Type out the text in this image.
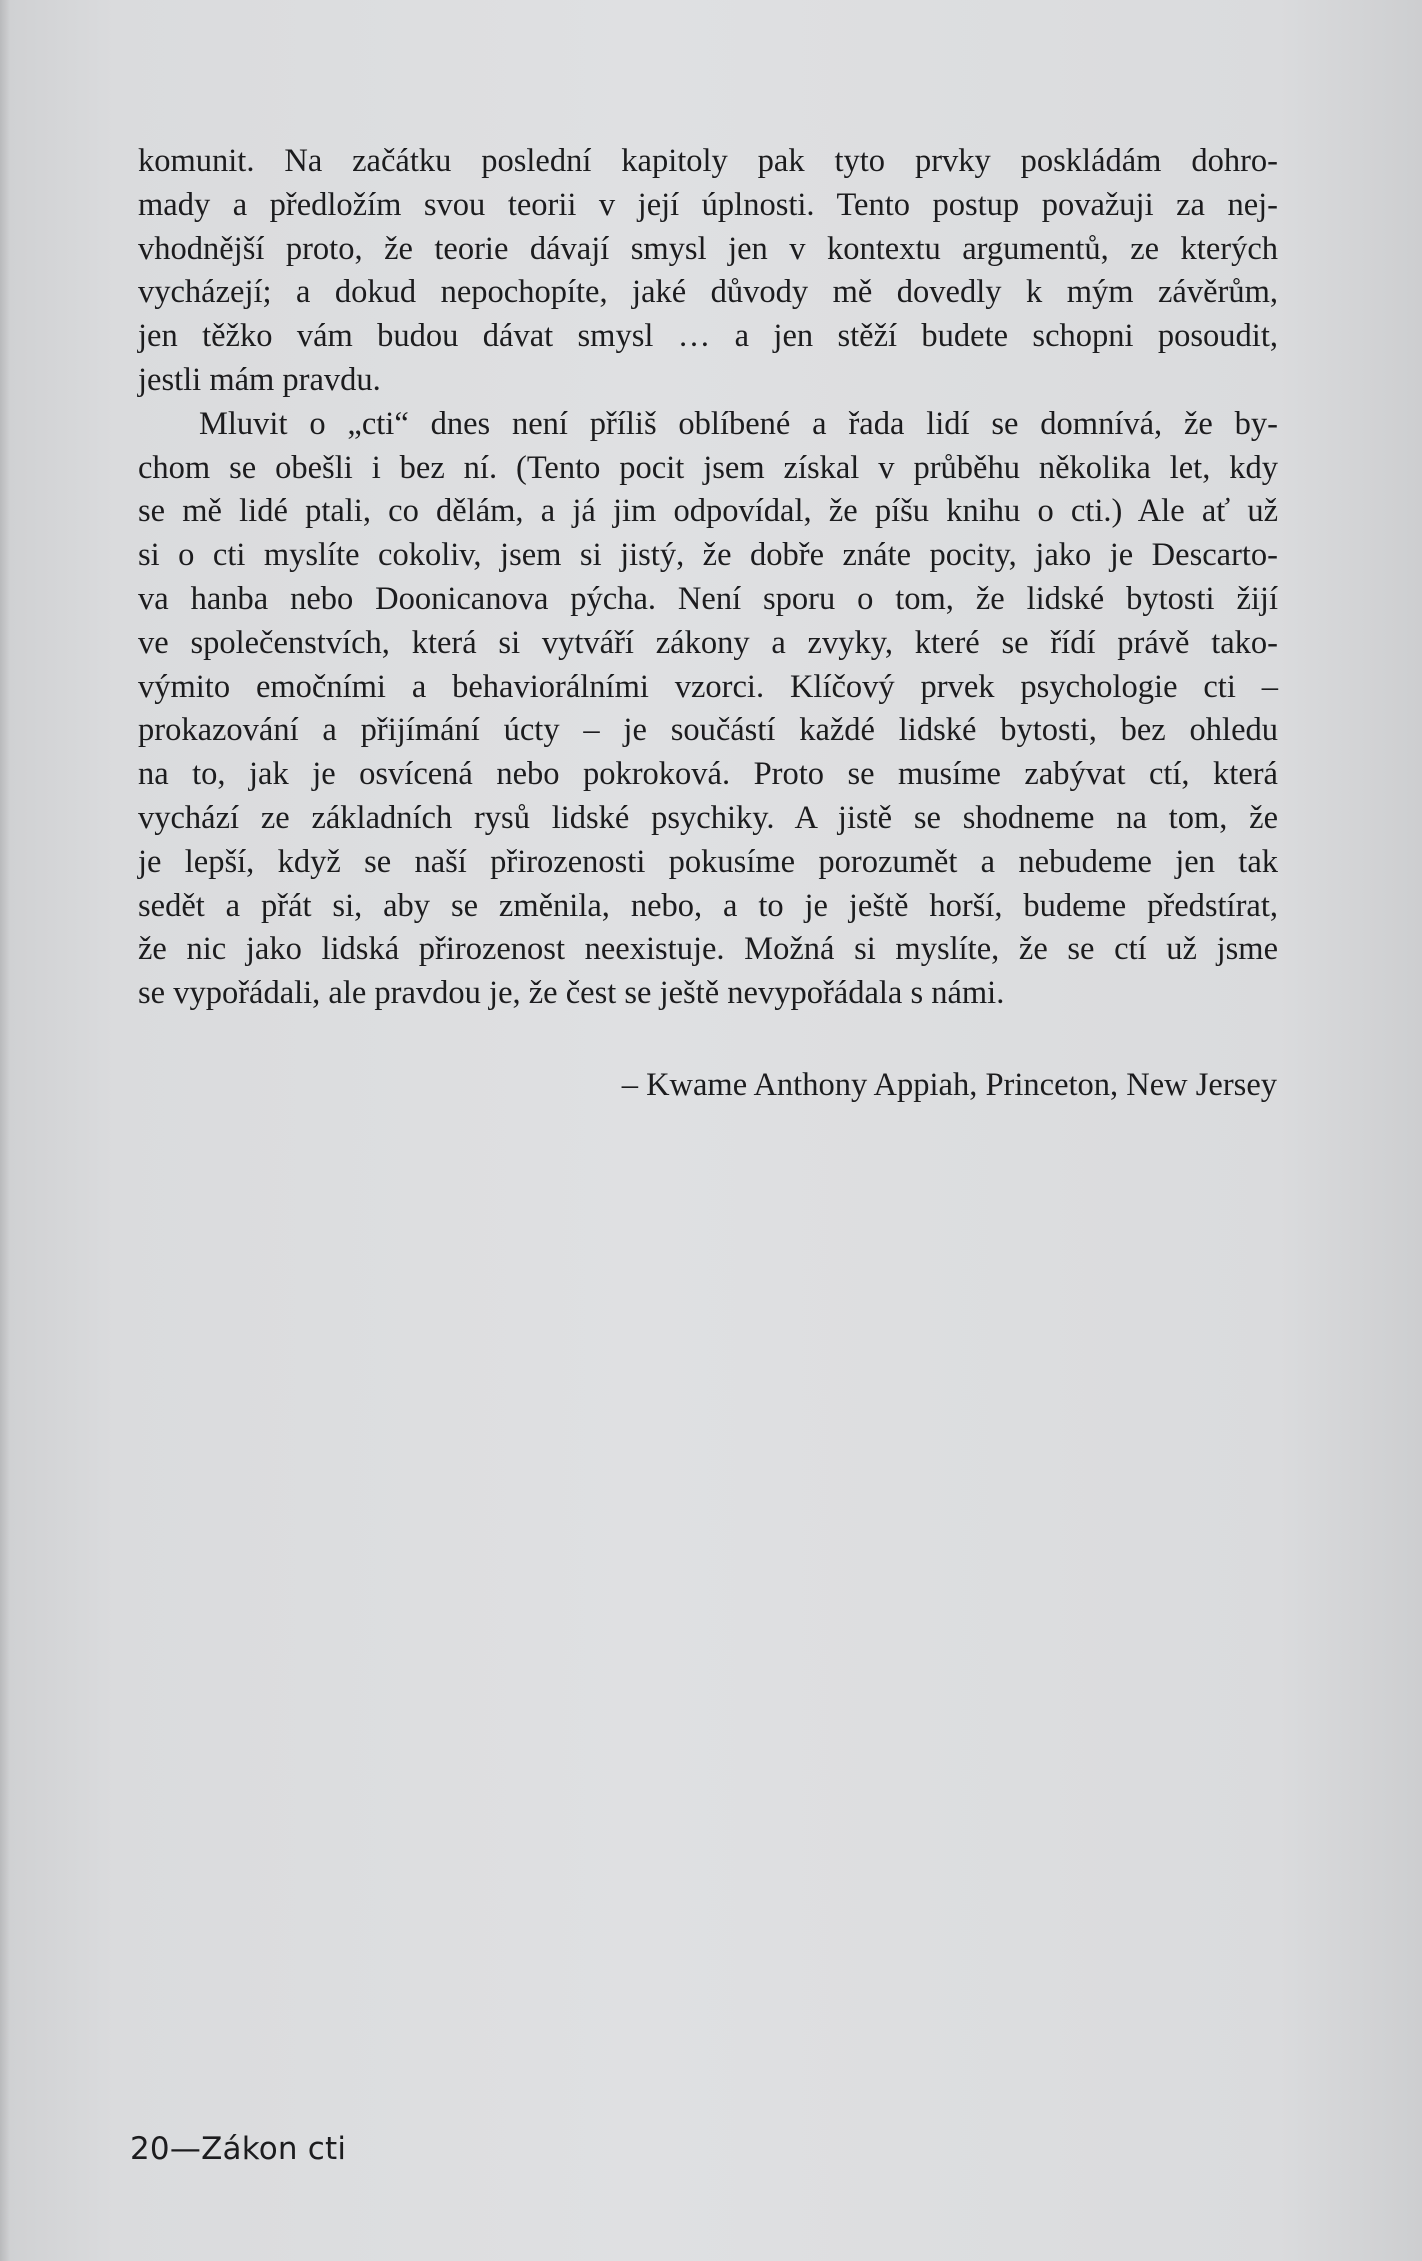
komunit. Na začátku poslední kapitoly pak tyto prvky poskládám dohro-
mady a předložím svou teorii v její úplnosti. Tento postup považuji za nej-
vhodnější proto, že teorie dávají smysl jen v kontextu argumentů, ze kterých
vycházejí; a dokud nepochopíte, jaké důvody mě dovedly k mým závěrům,
jen těžko vám budou dávat smysl … a jen stěží budete schopni posoudit,
jestli mám pravdu.
Mluvit o „cti“ dnes není příliš oblíbené a řada lidí se domnívá, že by-
chom se obešli i bez ní. (Tento pocit jsem získal v průběhu několika let, kdy
se mě lidé ptali, co dělám, a já jim odpovídal, že píšu knihu o cti.) Ale ať už
si o cti myslíte cokoliv, jsem si jistý, že dobře znáte pocity, jako je Descarto-
va hanba nebo Doonicanova pýcha. Není sporu o tom, že lidské bytosti žijí
ve společenstvích, která si vytváří zákony a zvyky, které se řídí právě tako-
výmito emočními a behaviorálními vzorci. Klíčový prvek psychologie cti –
prokazování a přijímání úcty – je součástí každé lidské bytosti, bez ohledu
na to, jak je osvícená nebo pokroková. Proto se musíme zabývat ctí, která
vychází ze základních rysů lidské psychiky. A jistě se shodneme na tom, že
je lepší, když se naší přirozenosti pokusíme porozumět a nebudeme jen tak
sedět a přát si, aby se změnila, nebo, a to je ještě horší, budeme předstírat,
že nic jako lidská přirozenost neexistuje. Možná si myslíte, že se ctí už jsme
se vypořádali, ale pravdou je, že čest se ještě nevypořádala s námi.
– Kwame Anthony Appiah, Princeton, New Jersey
20—Zákon cti
